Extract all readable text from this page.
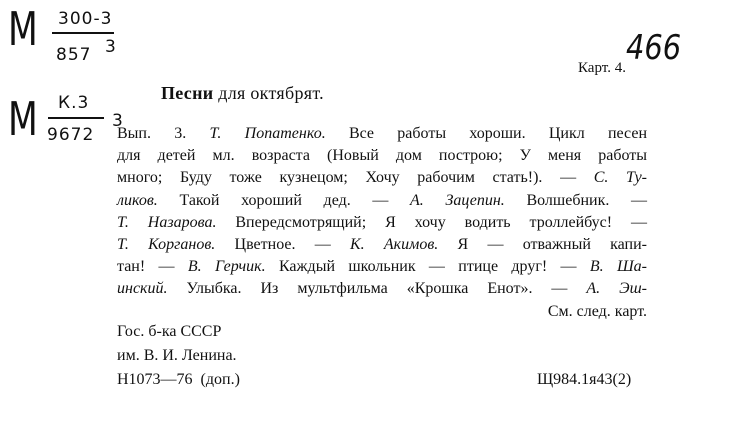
М 300-3
857 3
М К.3
9672
3
Карт. 4. 466
Песни для октябрят.
Вып. 3. Т. Попатенко. Все работы хороши. Цикл песен
для детей мл. возраста (Новый дом построю; У меня работы
много; Буду тоже кузнецом; Хочу рабочим стать!). — С. Ту-
ликов. Такой хороший дед. — А. Зацепин. Волшебник. —
Т. Назарова. Впередсмотрящий; Я хочу водить троллейбус! —
Т. Корганов. Цветное. — К. Акимов. Я — отважный капи-
тан! — В. Герчик. Каждый школьник — птице друг! — В. Ша-
инский. Улыбка. Из мультфильма «Крошка Енот». — А. Эш-
См. след. карт.
Гос. б-ка СССР
им. В. И. Ленина.
Н1073—76  (доп.)	Щ984.1я43(2)
